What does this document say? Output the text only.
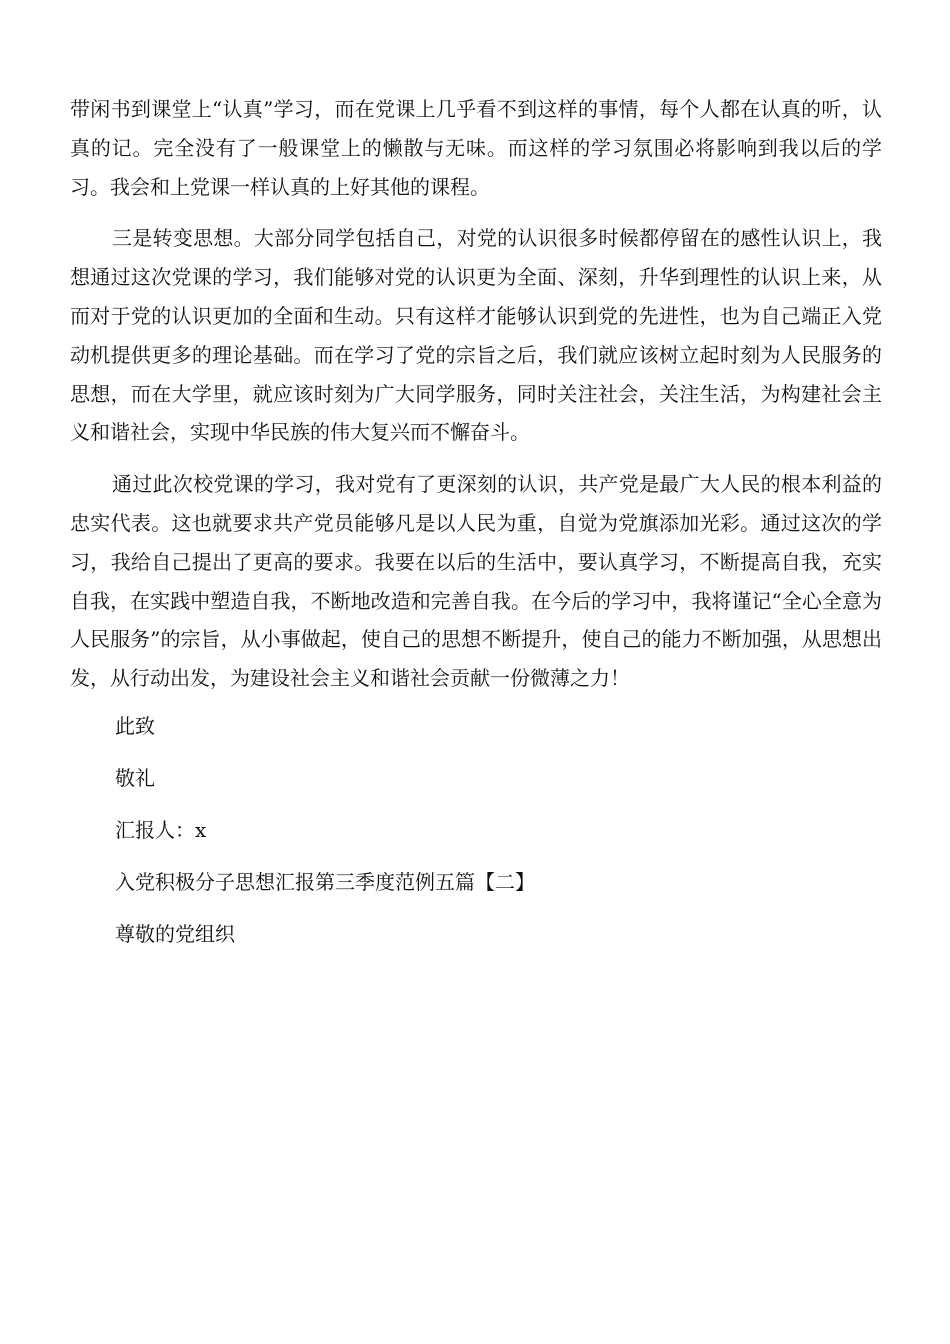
带闲书到课堂上“认真”学习，而在党课上几乎看不到这样的事情，每个人都在认真的听，认真的记。完全没有了一般课堂上的懒散与无味。而这样的学习氛围必将影响到我以后的学习。我会和上党课一样认真的上好其他的课程。

三是转变思想。大部分同学包括自己，对党的认识很多时候都停留在的感性认识上，我想通过这次党课的学习，我们能够对党的认识更为全面、深刻，升华到理性的认识上来，从而对于党的认识更加的全面和生动。只有这样才能够认识到党的先进性，也为自己端正入党动机提供更多的理论基础。而在学习了党的宗旨之后，我们就应该树立起时刻为人民服务的思想，而在大学里，就应该时刻为广大同学服务，同时关注社会，关注生活，为构建社会主义和谐社会，实现中华民族的伟大复兴而不懈奋斗。

通过此次校党课的学习，我对党有了更深刻的认识，共产党是最广大人民的根本利益的忠实代表。这也就要求共产党员能够凡是以人民为重，自觉为党旗添加光彩。通过这次的学习，我给自己提出了更高的要求。我要在以后的生活中，要认真学习，不断提高自我，充实自我，在实践中塑造自我，不断地改造和完善自我。在今后的学习中，我将谨记“全心全意为人民服务”的宗旨，从小事做起，使自己的思想不断提升，使自己的能力不断加强，从思想出发，从行动出发，为建设社会主义和谐社会贡献一份微薄之力！

此致

敬礼

汇报人：x

入党积极分子思想汇报第三季度范例五篇【二】

尊敬的党组织
